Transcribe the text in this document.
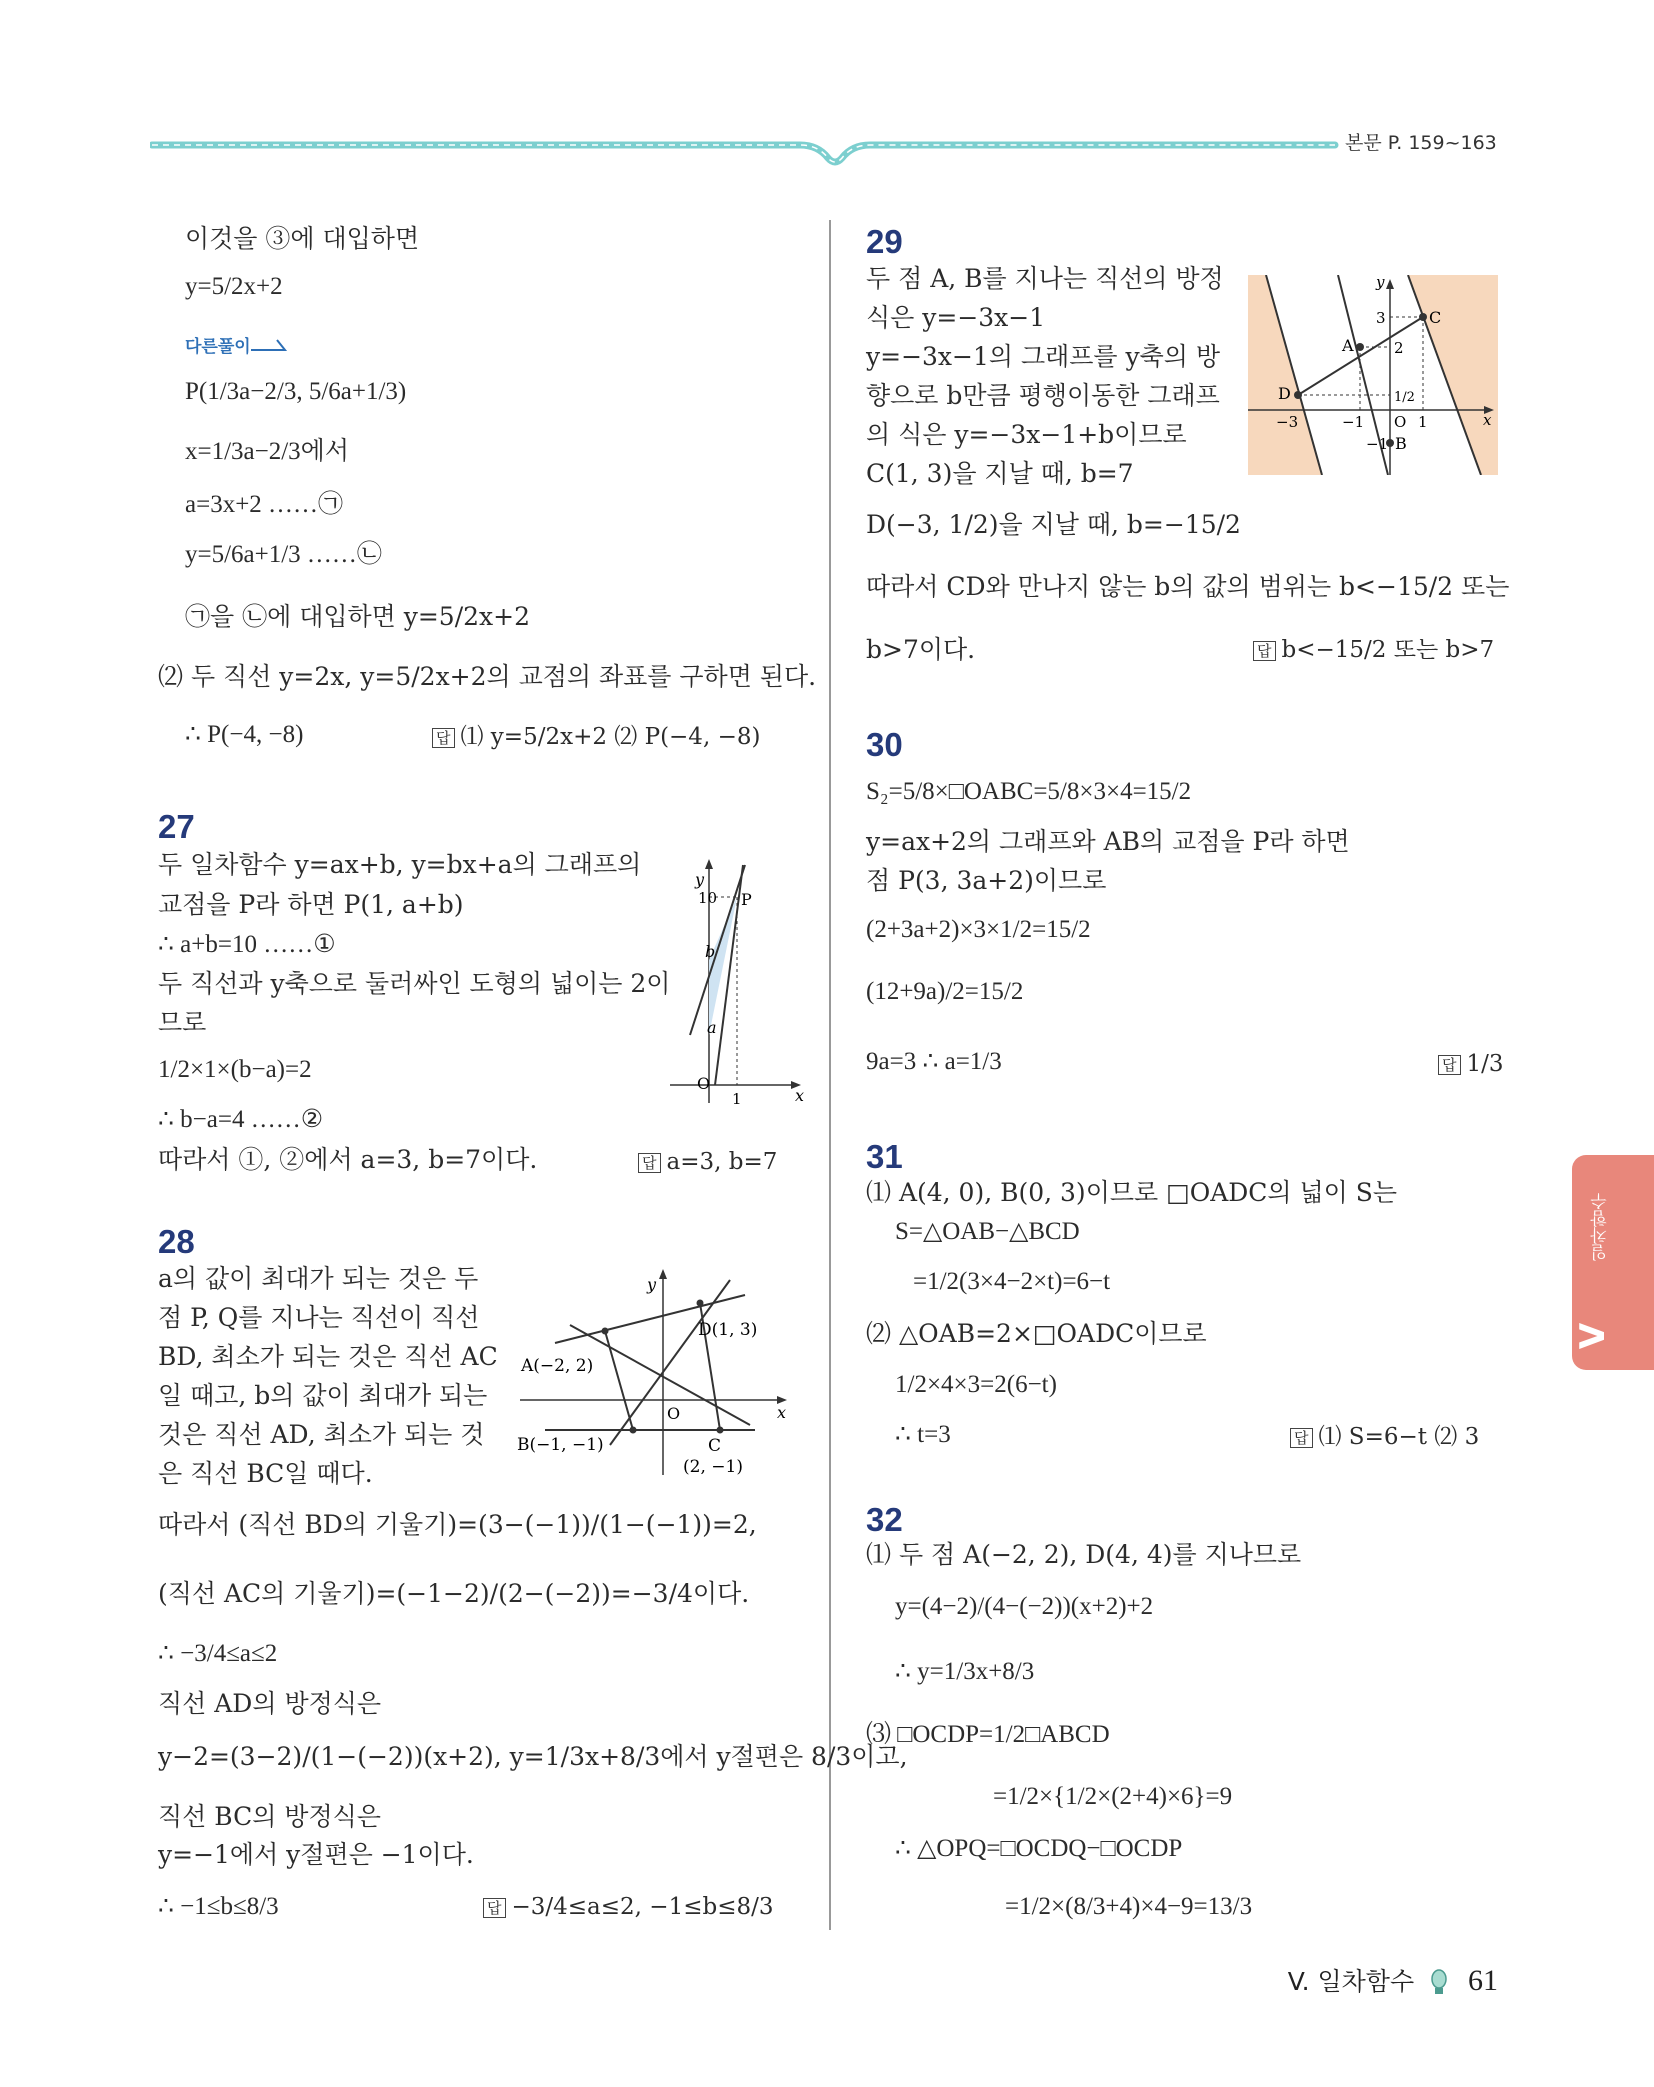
본문 P. 159~163
이것을 ③에 대입하면
y=5/2x+2
다른풀이
P(1/3a−2/3, 5/6a+1/3)
x=1/3a−2/3에서
a=3x+2 ……㉠
y=5/6a+1/3 ……㉡
㉠을 ㉡에 대입하면 y=5/2x+2
⑵ 두 직선 y=2x, y=5/2x+2의 교점의 좌표를 구하면 된다.
∴ P(−4, −8)	답 ⑴ y=5/2x+2 ⑵ P(−4, −8)
27
두 일차함수 y=ax+b, y=bx+a의 그래프의
교점을 P라 하면 P(1, a+b)
∴ a+b=10 ……①
두 직선과 y축으로 둘러싸인 도형의 넓이는 2이
므로
1/2×1×(b−a)=2
∴ b−a=4 ……②
따라서 ①, ②에서 a=3, b=7이다.	답 a=3, b=7
y
x
O
1
10 P
b
a
28
a의 값이 최대가 되는 것은 두
점 P, Q를 지나는 직선이 직선
BD, 최소가 되는 것은 직선 AC
일 때고, b의 값이 최대가 되는
것은 직선 AD, 최소가 되는 것
은 직선 BC일 때다.
따라서 (직선 BD의 기울기)=(3−(−1))/(1−(−1))=2,
(직선 AC의 기울기)=(−1−2)/(2−(−2))=−3/4이다.
∴ −3/4≤a≤2
직선 AD의 방정식은
y−2=(3−2)/(1−(−2))(x+2), y=1/3x+8/3에서 y절편은 8/3이고,
직선 BC의 방정식은
y=−1에서 y절편은 −1이다.
∴ −1≤b≤8/3	답 −3/4≤a≤2, −1≤b≤8/3
y
x
O
A(−2, 2)
D(1, 3)
B(−1, −1)	C
(2, −1)
29
두 점 A, B를 지나는 직선의 방정
식은 y=−3x−1
y=−3x−1의 그래프를 y축의 방
향으로 b만큼 평행이동한 그래프
의 식은 y=−3x−1+b이므로
C(1, 3)을 지날 때, b=7
D(−3, 1/2)을 지날 때, b=−15/2
따라서 CD와 만나지 않는 b의 값의 범위는 b<−15/2 또는
b>7이다.	답 b<−15/2 또는 b>7
y
x
3	C
A	2
1/2
D
−3	−1 O 1
−1 B
30
S₂=5/8×□OABC=5/8×3×4=15/2
y=ax+2의 그래프와 AB의 교점을 P라 하면
점 P(3, 3a+2)이므로
(2+3a+2)×3×1/2=15/2
(12+9a)/2=15/2
9a=3 ∴ a=1/3	답 1/3
31
⑴ A(4, 0), B(0, 3)이므로 □OADC의 넓이 S는
S=△OAB−△BCD
=1/2(3×4−2×t)=6−t
⑵ △OAB=2×□OADC이므로
1/2×4×3=2(6−t)
∴ t=3	답 ⑴ S=6−t ⑵ 3
32
⑴ 두 점 A(−2, 2), D(4, 4)를 지나므로
y=(4−2)/(4−(−2))(x+2)+2
∴ y=1/3x+8/3
⑶ □OCDP=1/2□ABCD
=1/2×{1/2×(2+4)×6}=9
∴ △OPQ=□OCDQ−□OCDP
=1/2×(8/3+4)×4−9=13/3
일차함수
V
V. 일차함수 61
